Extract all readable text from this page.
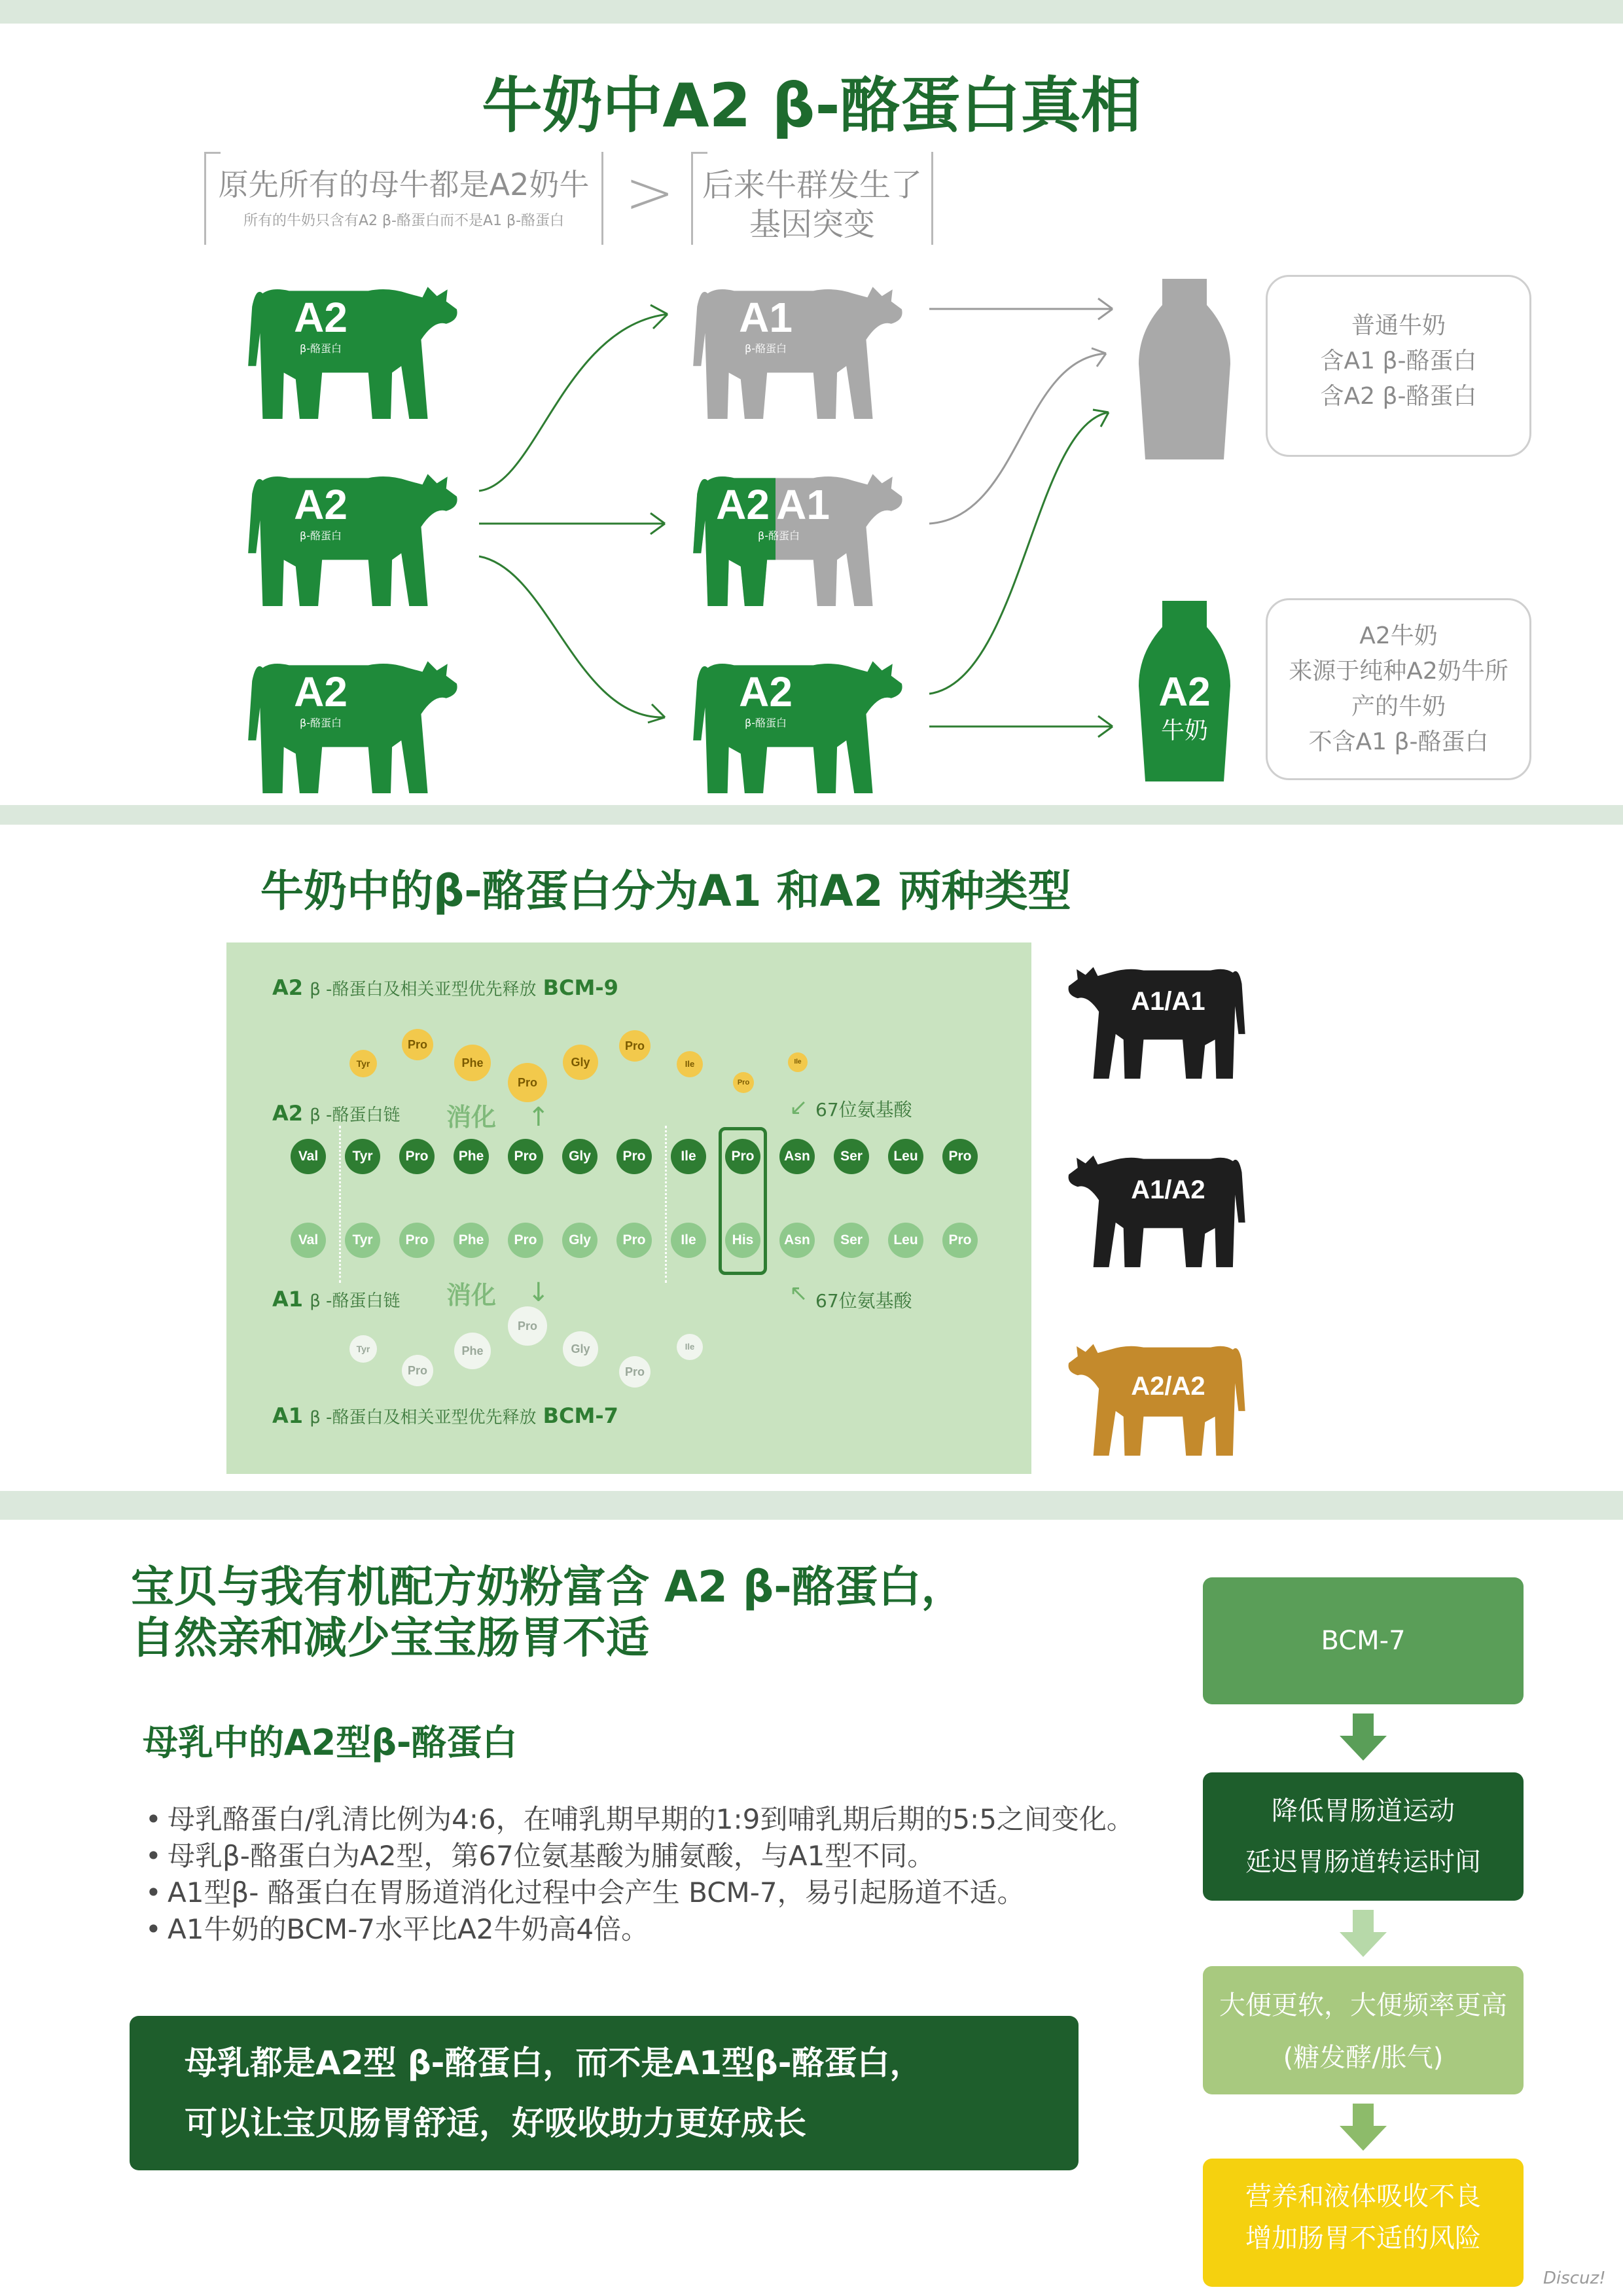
牛奶中A2 β-酪蛋白真相
原先所有的母牛都是A2奶牛
所有的牛奶只含有A2 β-酪蛋白而不是A1 β-酪蛋白	> 后来牛群发生了
基因突变
A2
β-酪蛋白
A2
β-酪蛋白
A2
β-酪蛋白
A1
β-酪蛋白
A2 A1
β-酪蛋白
A2
β-酪蛋白
A2
牛奶
普通牛奶
含A1 β-酪蛋白
含A2 β-酪蛋白
A2牛奶
来源于纯种A2奶牛所
产的牛奶
不含A1 β-酪蛋白
牛奶中的β-酪蛋白分为A1 和A2 两种类型
A2 β -酪蛋白及相关亚型优先释放 BCM-9
Tyr
Pro
Phe
Pro
Gly
Pro
Ile
Pro
Ile
A2 β -酪蛋白链 消化 ↑	67位氨基酸
↙
Val	Tyr	Pro	Phe	Pro	Gly	Pro	Ile	Pro	Asn	Ser	Leu	Pro
Val	Tyr	Pro	Phe	Pro	Gly	Pro	Ile	His	Asn	Ser	Leu	Pro
A1 β -酪蛋白链 消化 ↓	67位氨基酸
↖
Tyr
Pro
Phe
Pro
Gly
Pro
Ile
A1 β -酪蛋白及相关亚型优先释放 BCM-7
A1/A1
A1/A2
A2/A2
宝贝与我有机配方奶粉富含 A2 β-酪蛋白，
自然亲和减少宝宝肠胃不适
母乳中的A2型β-酪蛋白
• 母乳酪蛋白/乳清比例为4:6，在哺乳期早期的1:9到哺乳期后期的5:5之间变化。
• 母乳β-酪蛋白为A2型，第67位氨基酸为脯氨酸，与A1型不同。
• A1型β- 酪蛋白在胃肠道消化过程中会产生 BCM-7，易引起肠道不适。
• A1牛奶的BCM-7水平比A2牛奶高4倍。
母乳都是A2型 β-酪蛋白，而不是A1型β-酪蛋白，
可以让宝贝肠胃舒适，好吸收助力更好成长
BCM-7
降低胃肠道运动
延迟胃肠道转运时间
大便更软，大便频率更高
(糖发酵/胀气)
营养和液体吸收不良
增加肠胃不适的风险
Discuz!
